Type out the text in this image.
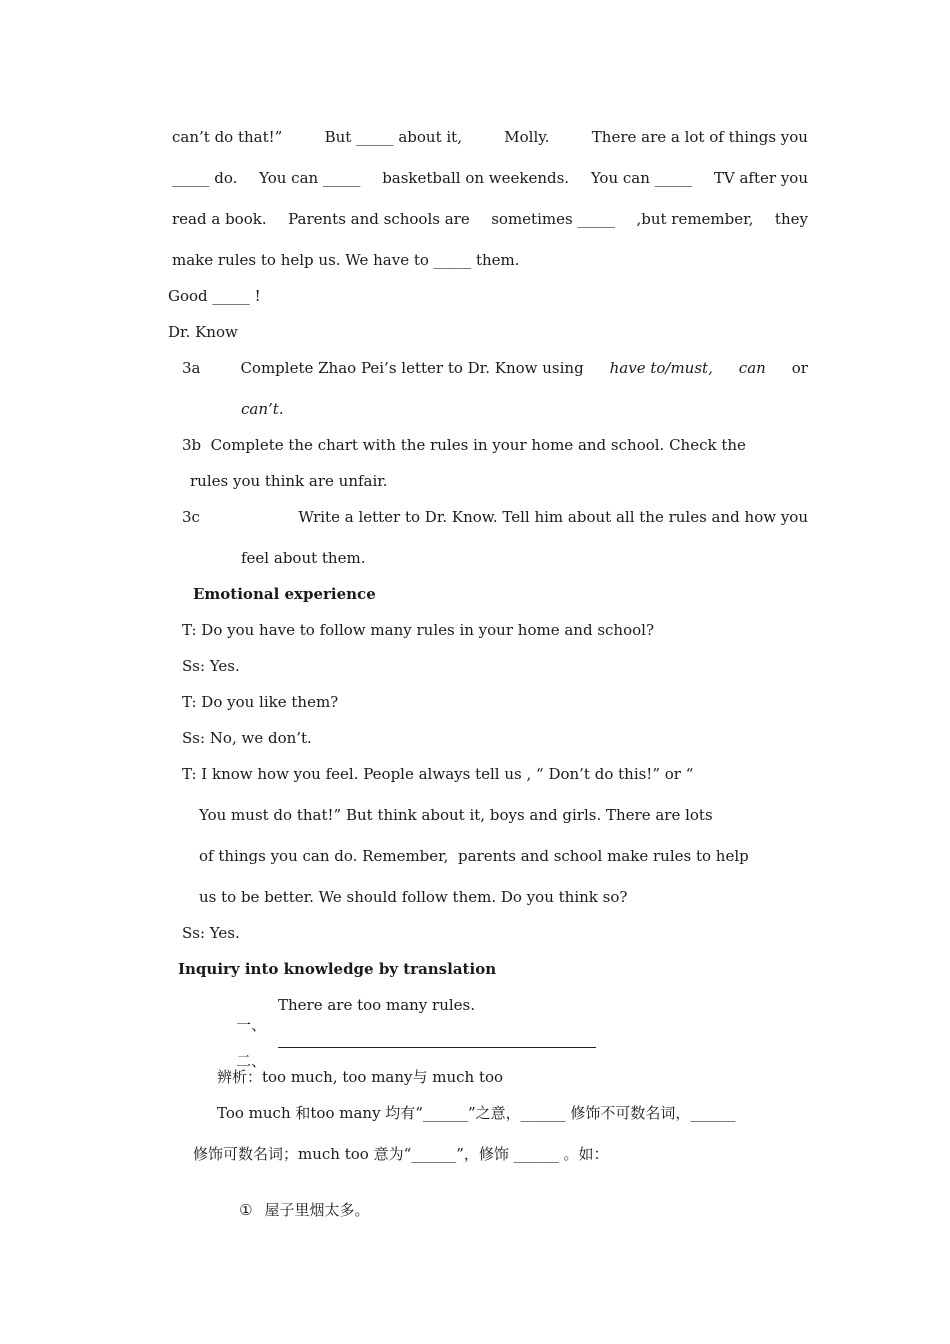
can’t do that!”	But _____ about it,	Molly.	There are a lot of things you
_____ do. You can _____ basketball on weekends. You can _____ TV after you
read a book. Parents and schools are sometimes _____ ,but remember, they
make rules to help us. We have to _____ them.
Good _____ !
Dr. Know
3a	Complete Zhao Pei’s letter to Dr. Know using have to/must, can or
can’t.
3b  Complete the chart with the rules in your home and school. Check the
rules you think are unfair.
3c	Write a letter to Dr. Know. Tell him about all the rules and how you
feel about them.
Emotional experience
T: Do you have to follow many rules in your home and school?
Ss: Yes.
T: Do you like them?
Ss: No, we don’t.
T: I know how you feel. People always tell us , “ Don’t do this!” or “
You must do that!” But think about it, boys and girls. There are lots
of things you can do. Remember,  parents and school make rules to help
us to be better. We should follow them. Do you think so?
Ss: Yes.
Inquiry into knowledge by translation

一、

There are too many rules.

二、

辨析：too much, too many与 much too
Too much 和too many 均有“______”之意，______ 修饰不可数名词，______
修饰可数名词；much too 意为“______”，修饰 ______ 。如：

① 屋子里烟太多。
